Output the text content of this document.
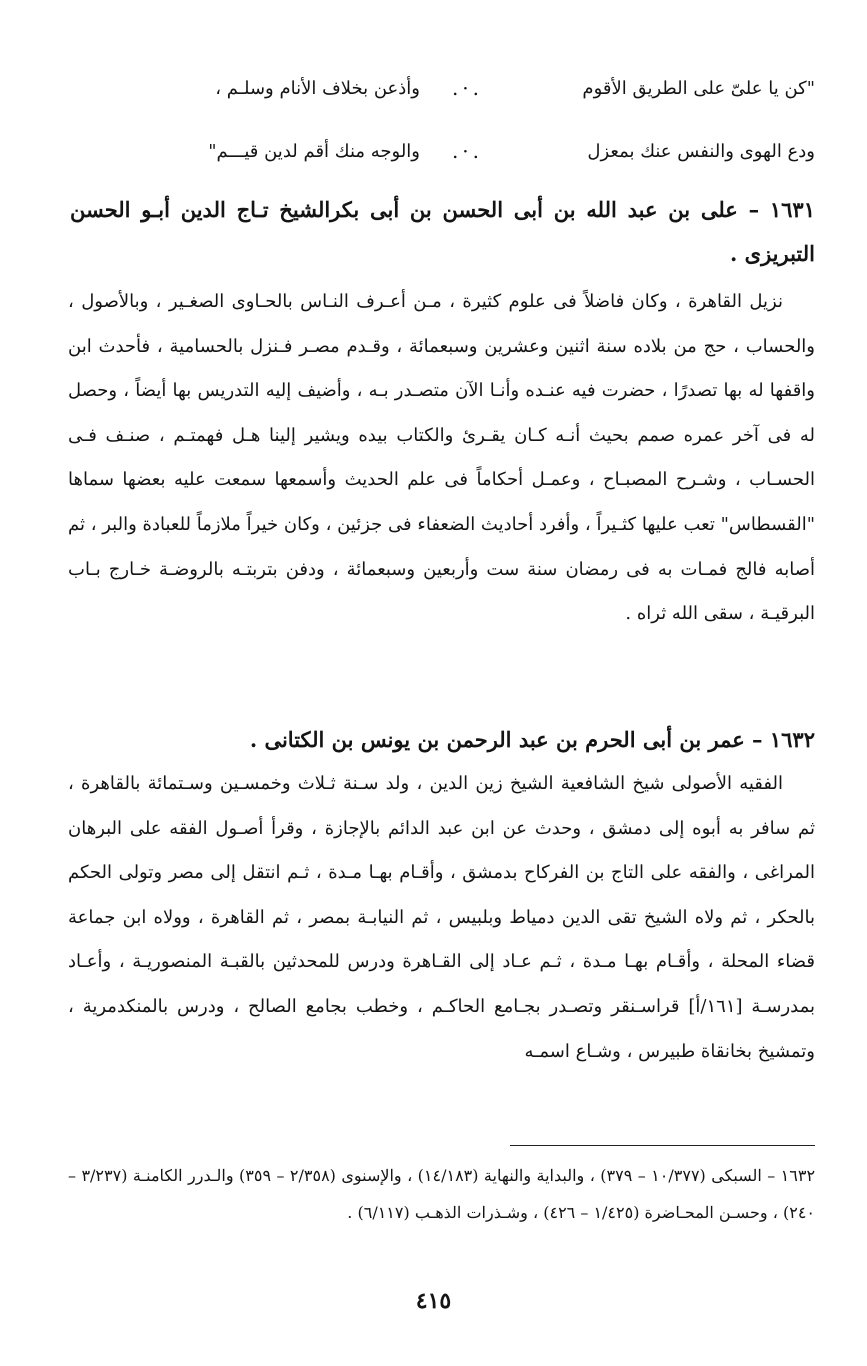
"كن يا علىّ على الطريق الأقوم
.·.
وأذعن بخلاف الأنام وسلـم ،
ودع الهوى والنفس عنك بمعزل
.·.
والوجه منك أقم لدين قيـــم"
١٦٣١ – على بن عبد الله بن أبى الحسن بن أبى بكرالشيخ تـاج الدين أبـو الحسن التبريزى .
نزيل القاهرة ، وكان فاضلاً فى علوم كثيرة ، مـن أعـرف النـاس بالحـاوى الصغـير ، وبالأصول ، والحساب ، حج من بلاده سنة اثنين وعشرين وسبعمائة ، وقـدم مصـر فـنزل بالحسامية ، فأحدث ابن واقفها له بها تصدرًا ، حضرت فيه عنـده وأنـا الآن متصـدر بـه ، وأضيف إليه التدريس بها أيضاً ، وحصل له فى آخر عمره صمم بحيث أنـه كـان يقـرئ والكتاب بيده ويشير إلينا هـل فهمتـم ، صنـف فـى الحسـاب ، وشـرح المصبـاح ، وعمـل أحكاماً فى علم الحديث وأسمعها سمعت عليه بعضها سماها "القسطاس" تعب عليها كثـيراً ، وأفرد أحاديث الضعفاء فى جزئين ، وكان خيراً ملازماً للعبادة والبر ، ثم أصابه فالج فمـات به فى رمضان سنة ست وأربعين وسبعمائة ، ودفن بتربتـه بالروضـة خـارج بـاب البرقيـة ، سقى الله ثراه .
١٦٣٢ – عمر بن أبى الحرم بن عبد الرحمن بن يونس بن الكتانى .
الفقيه الأصولى شيخ الشافعية الشيخ زين الدين ، ولد سـنة ثـلاث وخمسـين وسـتمائة بالقاهرة ، ثم سافر به أبوه إلى دمشق ، وحدث عن ابن عبد الدائم بالإجازة ، وقرأ أصـول الفقه على البرهان المراغى ، والفقه على التاج بن الفركاح بدمشق ، وأقـام بهـا مـدة ، ثـم انتقل إلى مصر وتولى الحكم بالحكر ، ثم ولاه الشيخ تقى الدين دمياط وبلبيس ، ثم النيابـة بمصر ، ثم القاهرة ، وولاه ابن جماعة قضاء المحلة ، وأقـام بهـا مـدة ، ثـم عـاد إلى القـاهرة ودرس للمحدثين بالقبـة المنصوريـة ، وأعـاد بمدرسـة [١٦١/أ] قراسـنقر وتصـدر بجـامع الحاكـم ، وخطب بجامع الصالح ، ودرس بالمنكدمرية ، وتمشيخ بخانقاة طبيرس ، وشـاع اسمـه
١٦٣٢ – السبكى (١٠/٣٧٧ – ٣٧٩) ، والبداية والنهاية (١٤/١٨٣) ، والإسنوى (٢/٣٥٨ – ٣٥٩) والـدرر الكامنـة (٣/٢٣٧ – ٢٤٠) ، وحسـن المحـاضرة (١/٤٢٥ – ٤٢٦) ، وشـذرات الذهـب (٦/١١٧) .
٤١٥
